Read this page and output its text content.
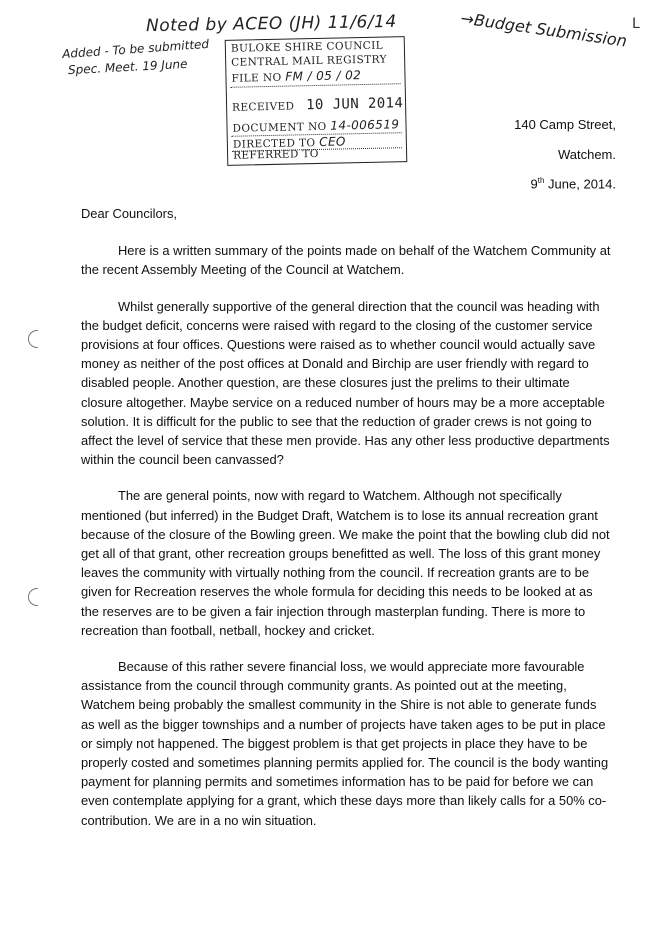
Noted by ACEO (JH) 11/6/14
Added - To be submitted
Spec. Meet. 19 June
→Budget Submission L
BULOKE SHIRE COUNCIL
CENTRAL MAIL REGISTRY
FILE NO FM / 05 / 02
RECEIVED 10 JUN 2014
DOCUMENT NO 14-006519
DIRECTED TO CEO
REFERRED TO
140 Camp Street,
Watchem.
9th June, 2014.

Dear Councilors,

Here is a written summary of the points made on behalf of the Watchem Community at the recent Assembly Meeting of the Council at Watchem.

Whilst generally supportive of the general direction that the council was heading with the budget deficit, concerns were raised with regard to the closing of the customer service provisions at four offices. Questions were raised as to whether council would actually save money as neither of the post offices at Donald and Birchip are user friendly with regard to disabled people. Another question, are these closures just the prelims to their ultimate closure altogether. Maybe service on a reduced number of hours may be a more acceptable solution. It is difficult for the public to see that the reduction of grader crews is not going to affect the level of service that these men provide. Has any other less productive departments within the council been canvassed?

The are general points, now with regard to Watchem. Although not specifically mentioned (but inferred) in the Budget Draft, Watchem is to lose its annual recreation grant because of the closure of the Bowling green. We make the point that the bowling club did not get all of that grant, other recreation groups benefitted as well. The loss of this grant money leaves the community with virtually nothing from the council. If recreation grants are to be given for Recreation reserves the whole formula for deciding this needs to be looked at as the reserves are to be given a fair injection through masterplan funding. There is more to recreation than football, netball, hockey and cricket.

Because of this rather severe financial loss, we would appreciate more favourable assistance from the council through community grants. As pointed out at the meeting, Watchem being probably the smallest community in the Shire is not able to generate funds as well as the bigger townships and a number of projects have taken ages to be put in place or simply not happened. The biggest problem is that get projects in place they have to be properly costed and sometimes planning permits applied for. The council is the body wanting payment for planning permits and sometimes information has to be paid for before we can even contemplate applying for a grant, which these days more than likely calls for a 50% co-contribution. We are in a no win situation.
